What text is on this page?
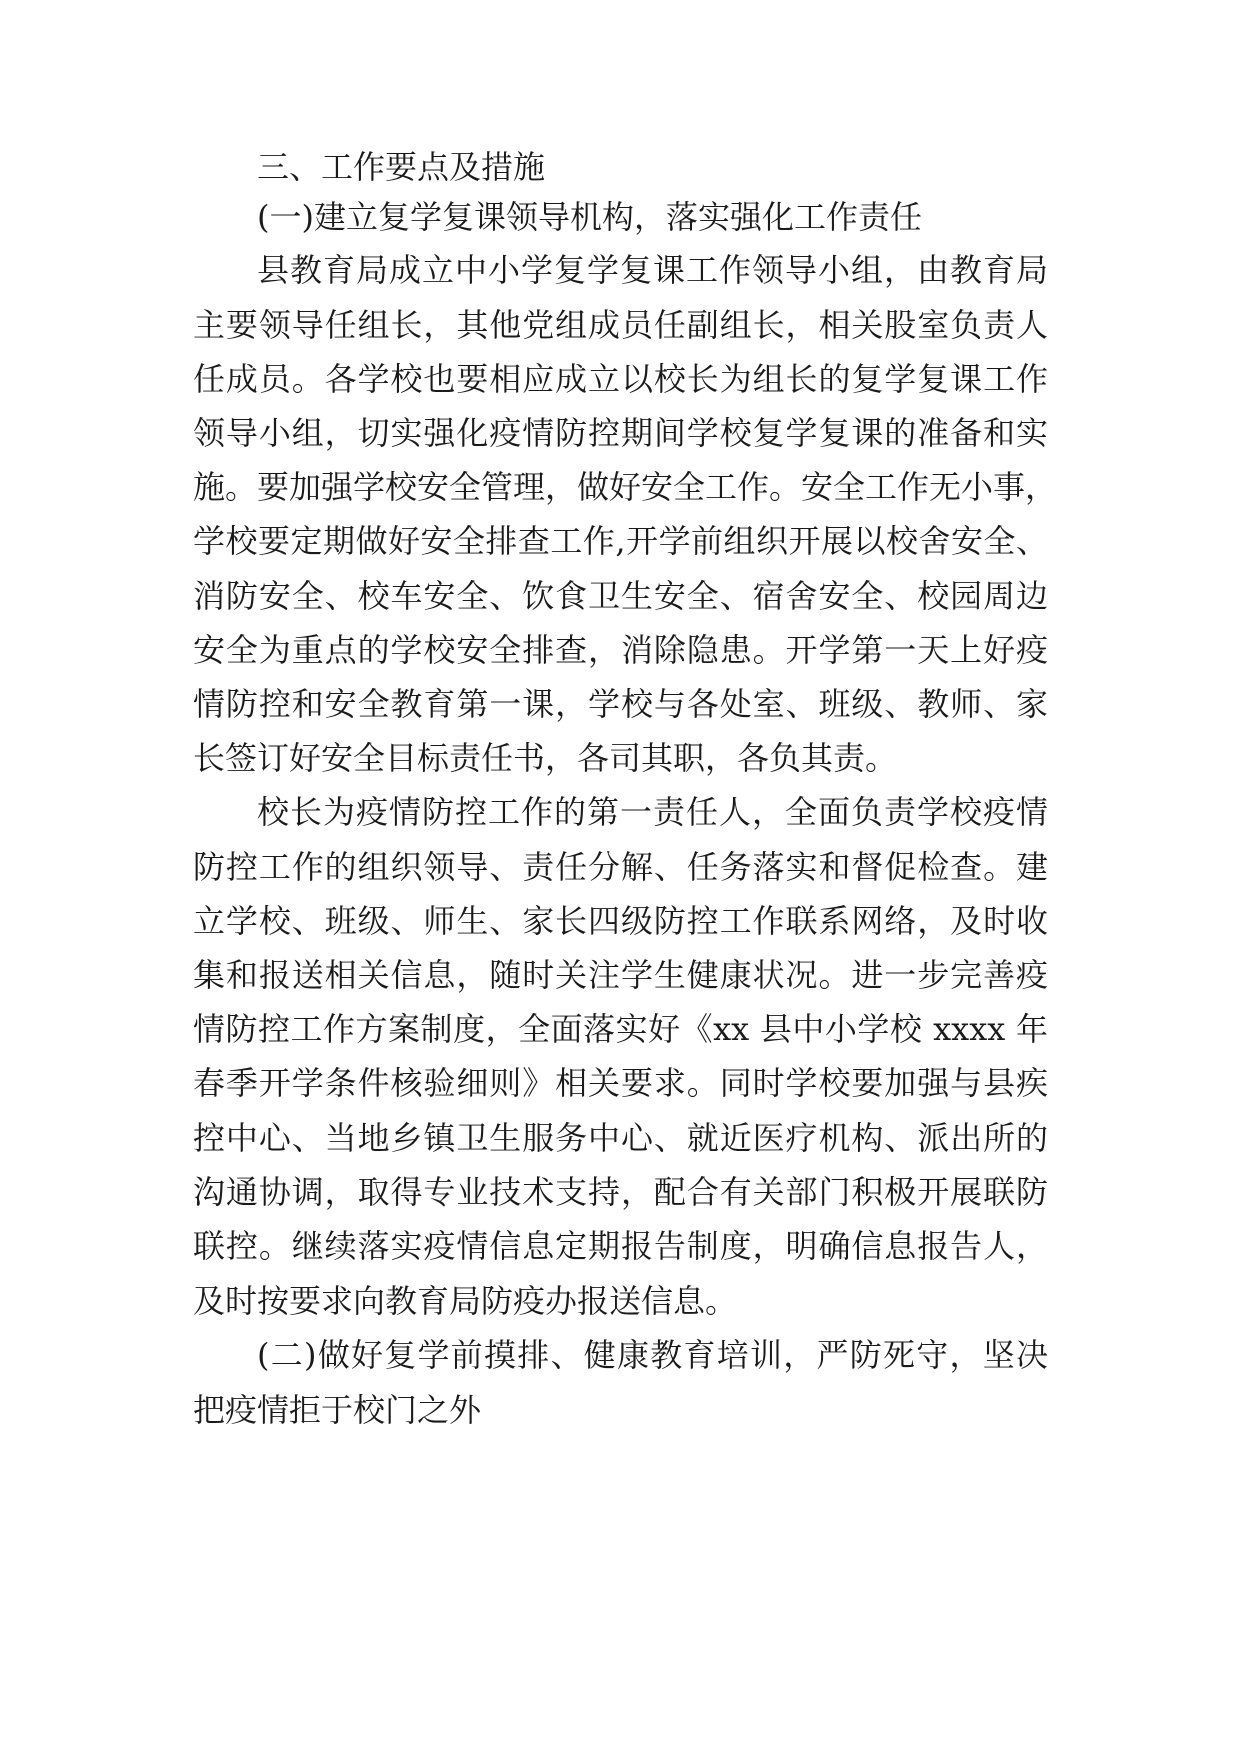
三、工作要点及措施
(一)建立复学复课领导机构，落实强化工作责任
县教育局成立中小学复学复课工作领导小组，由教育局
主要领导任组长，其他党组成员任副组长，相关股室负责人
任成员。各学校也要相应成立以校长为组长的复学复课工作
领导小组，切实强化疫情防控期间学校复学复课的准备和实
施。要加强学校安全管理，做好安全工作。安全工作无小事，
学校要定期做好安全排查工作,开学前组织开展以校舍安全、
消防安全、校车安全、饮食卫生安全、宿舍安全、校园周边
安全为重点的学校安全排查，消除隐患。开学第一天上好疫
情防控和安全教育第一课，学校与各处室、班级、教师、家
长签订好安全目标责任书，各司其职，各负其责。
校长为疫情防控工作的第一责任人，全面负责学校疫情
防控工作的组织领导、责任分解、任务落实和督促检查。建
立学校、班级、师生、家长四级防控工作联系网络，及时收
集和报送相关信息，随时关注学生健康状况。进一步完善疫
情防控工作方案制度，全面落实好《xx 县中小学校 xxxx 年
春季开学条件核验细则》相关要求。同时学校要加强与县疾
控中心、当地乡镇卫生服务中心、就近医疗机构、派出所的
沟通协调，取得专业技术支持，配合有关部门积极开展联防
联控。继续落实疫情信息定期报告制度，明确信息报告人，
及时按要求向教育局防疫办报送信息。
(二)做好复学前摸排、健康教育培训，严防死守，坚决
把疫情拒于校门之外
